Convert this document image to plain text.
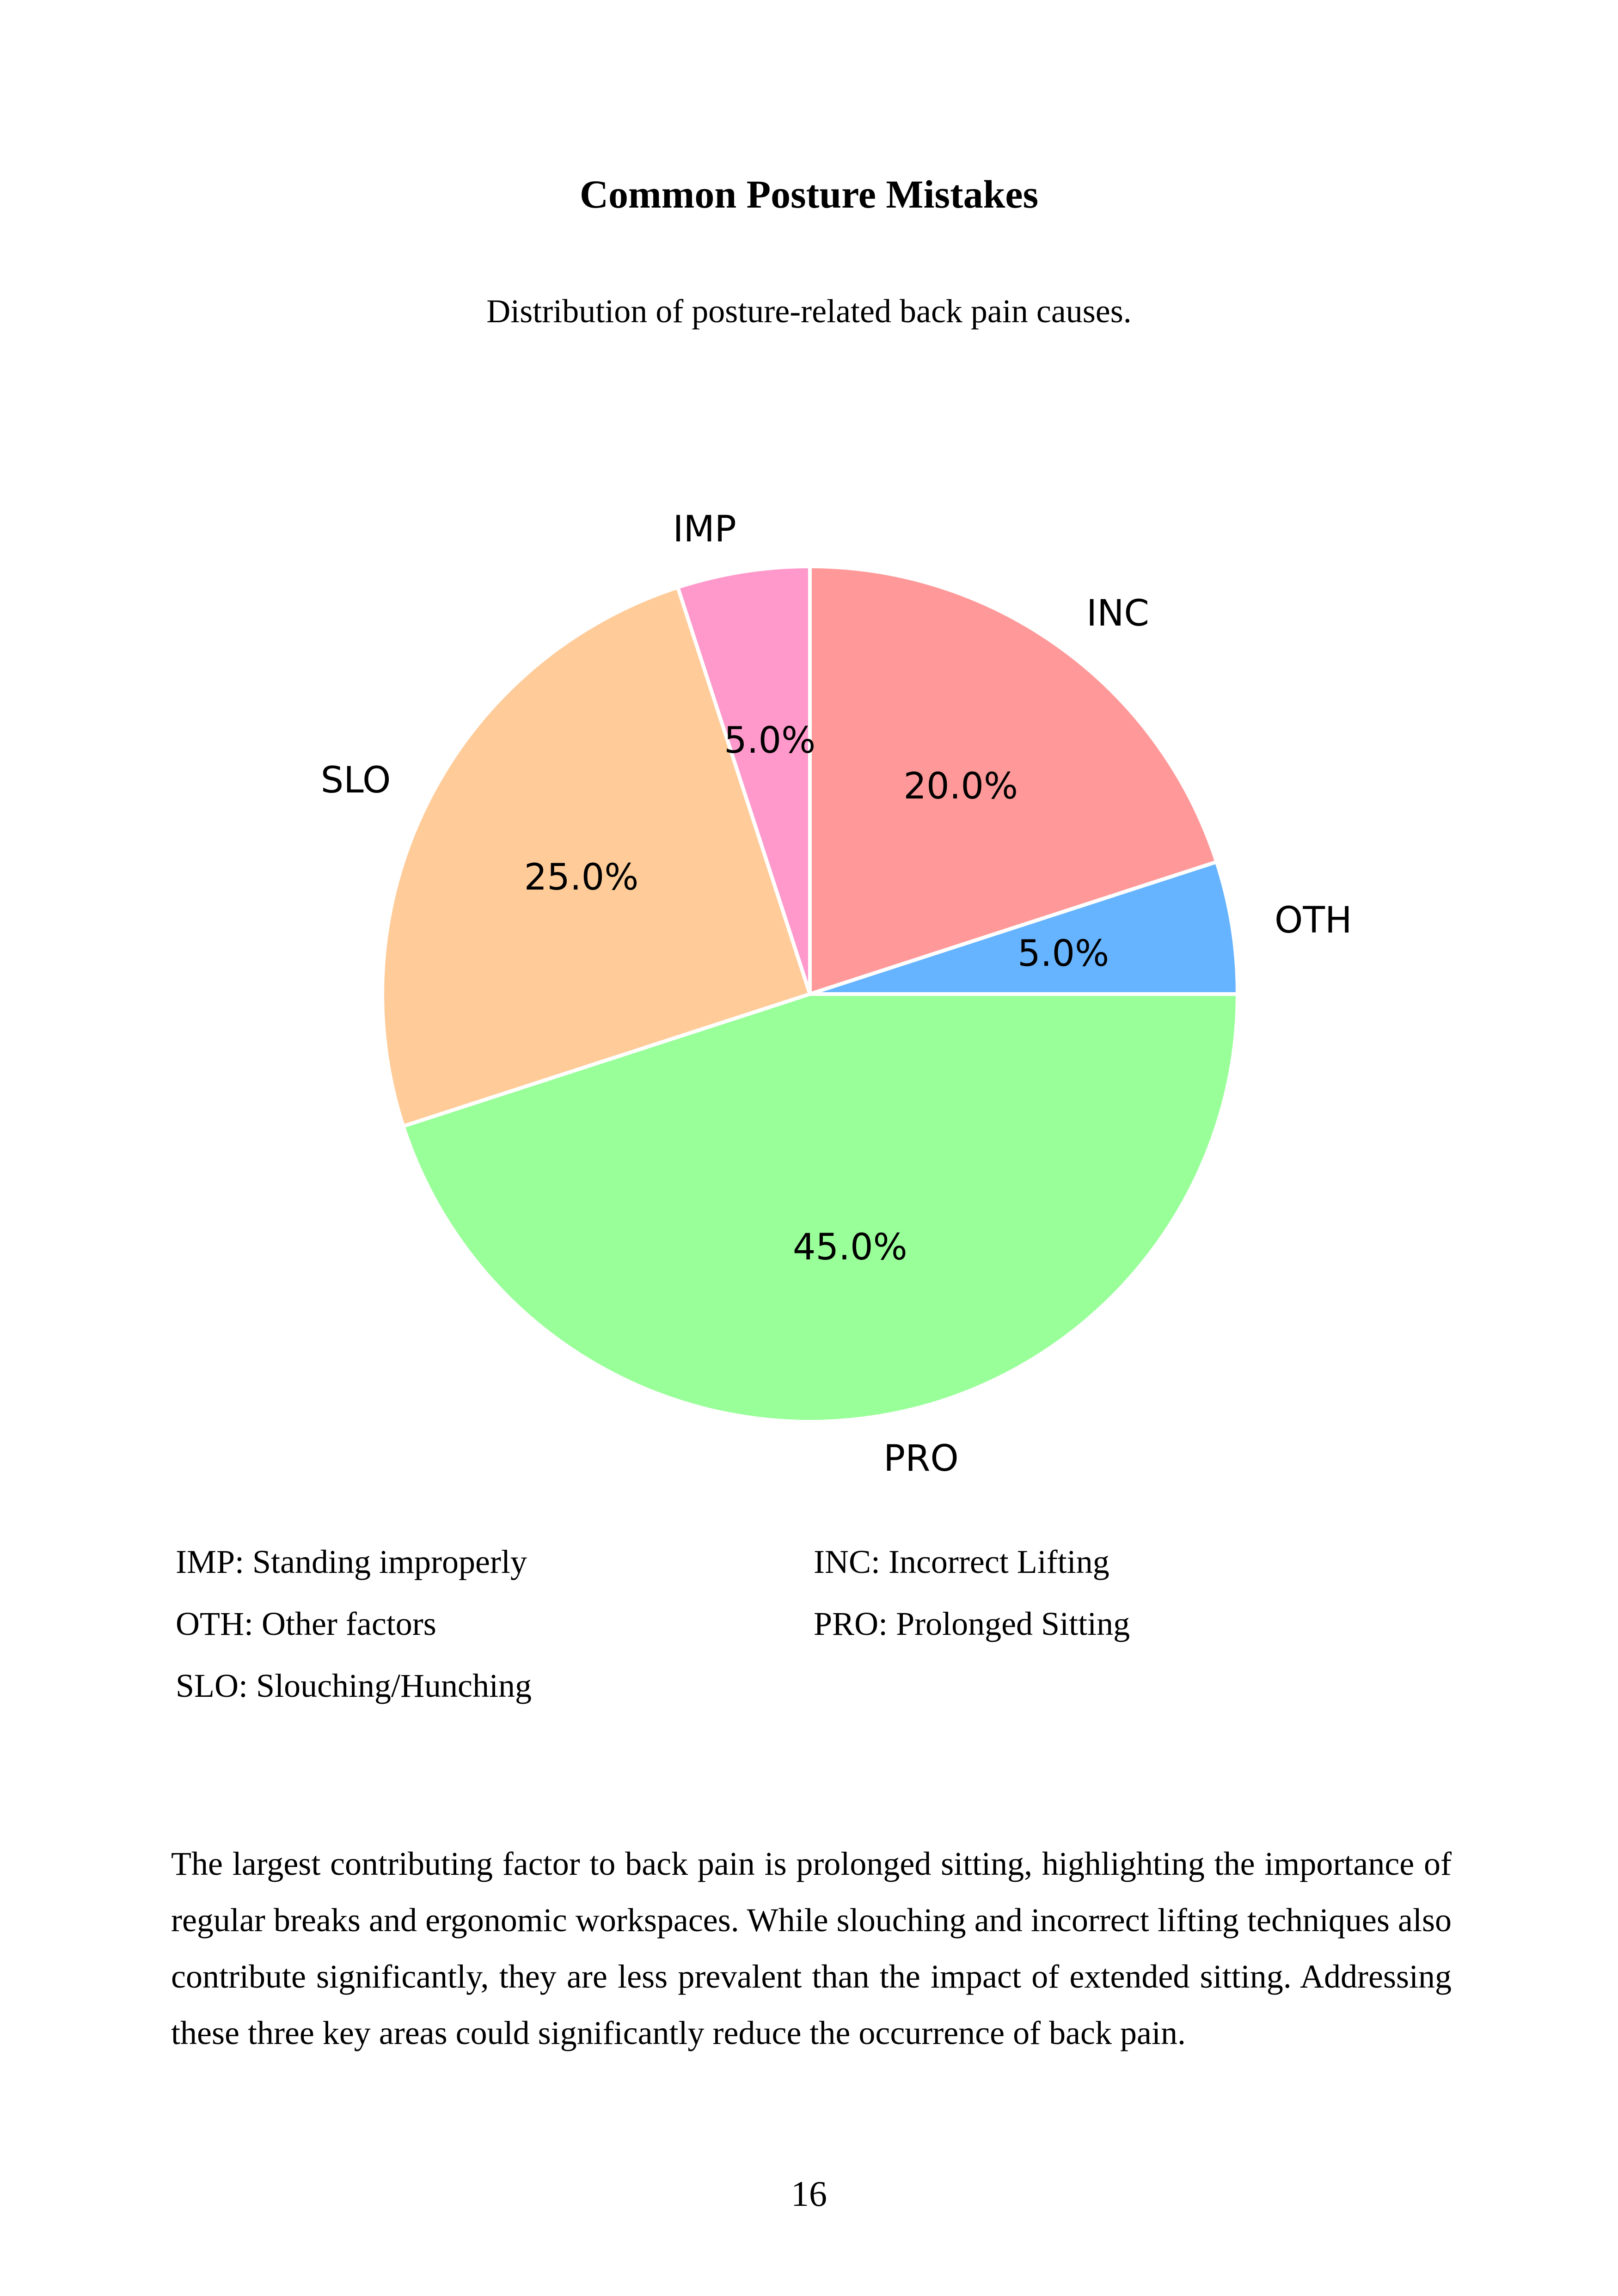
Common Posture Mistakes
Distribution of posture-related back pain causes.
20.0%
5.0%
45.0%
25.0%
5.0%
INC
OTH
PRO
SLO
IMP
IMP: Standing improperly	INC: Incorrect Lifting
OTH: Other factors	PRO: Prolonged Sitting
SLO: Slouching/Hunching
The largest contributing factor to back pain is prolonged sitting, highlighting the importance of regular breaks and ergonomic workspaces. While slouching and incorrect lifting techniques also contribute significantly, they are less prevalent than the impact of extended sitting. Addressing these three key areas could significantly reduce the occurrence of back pain.
16
